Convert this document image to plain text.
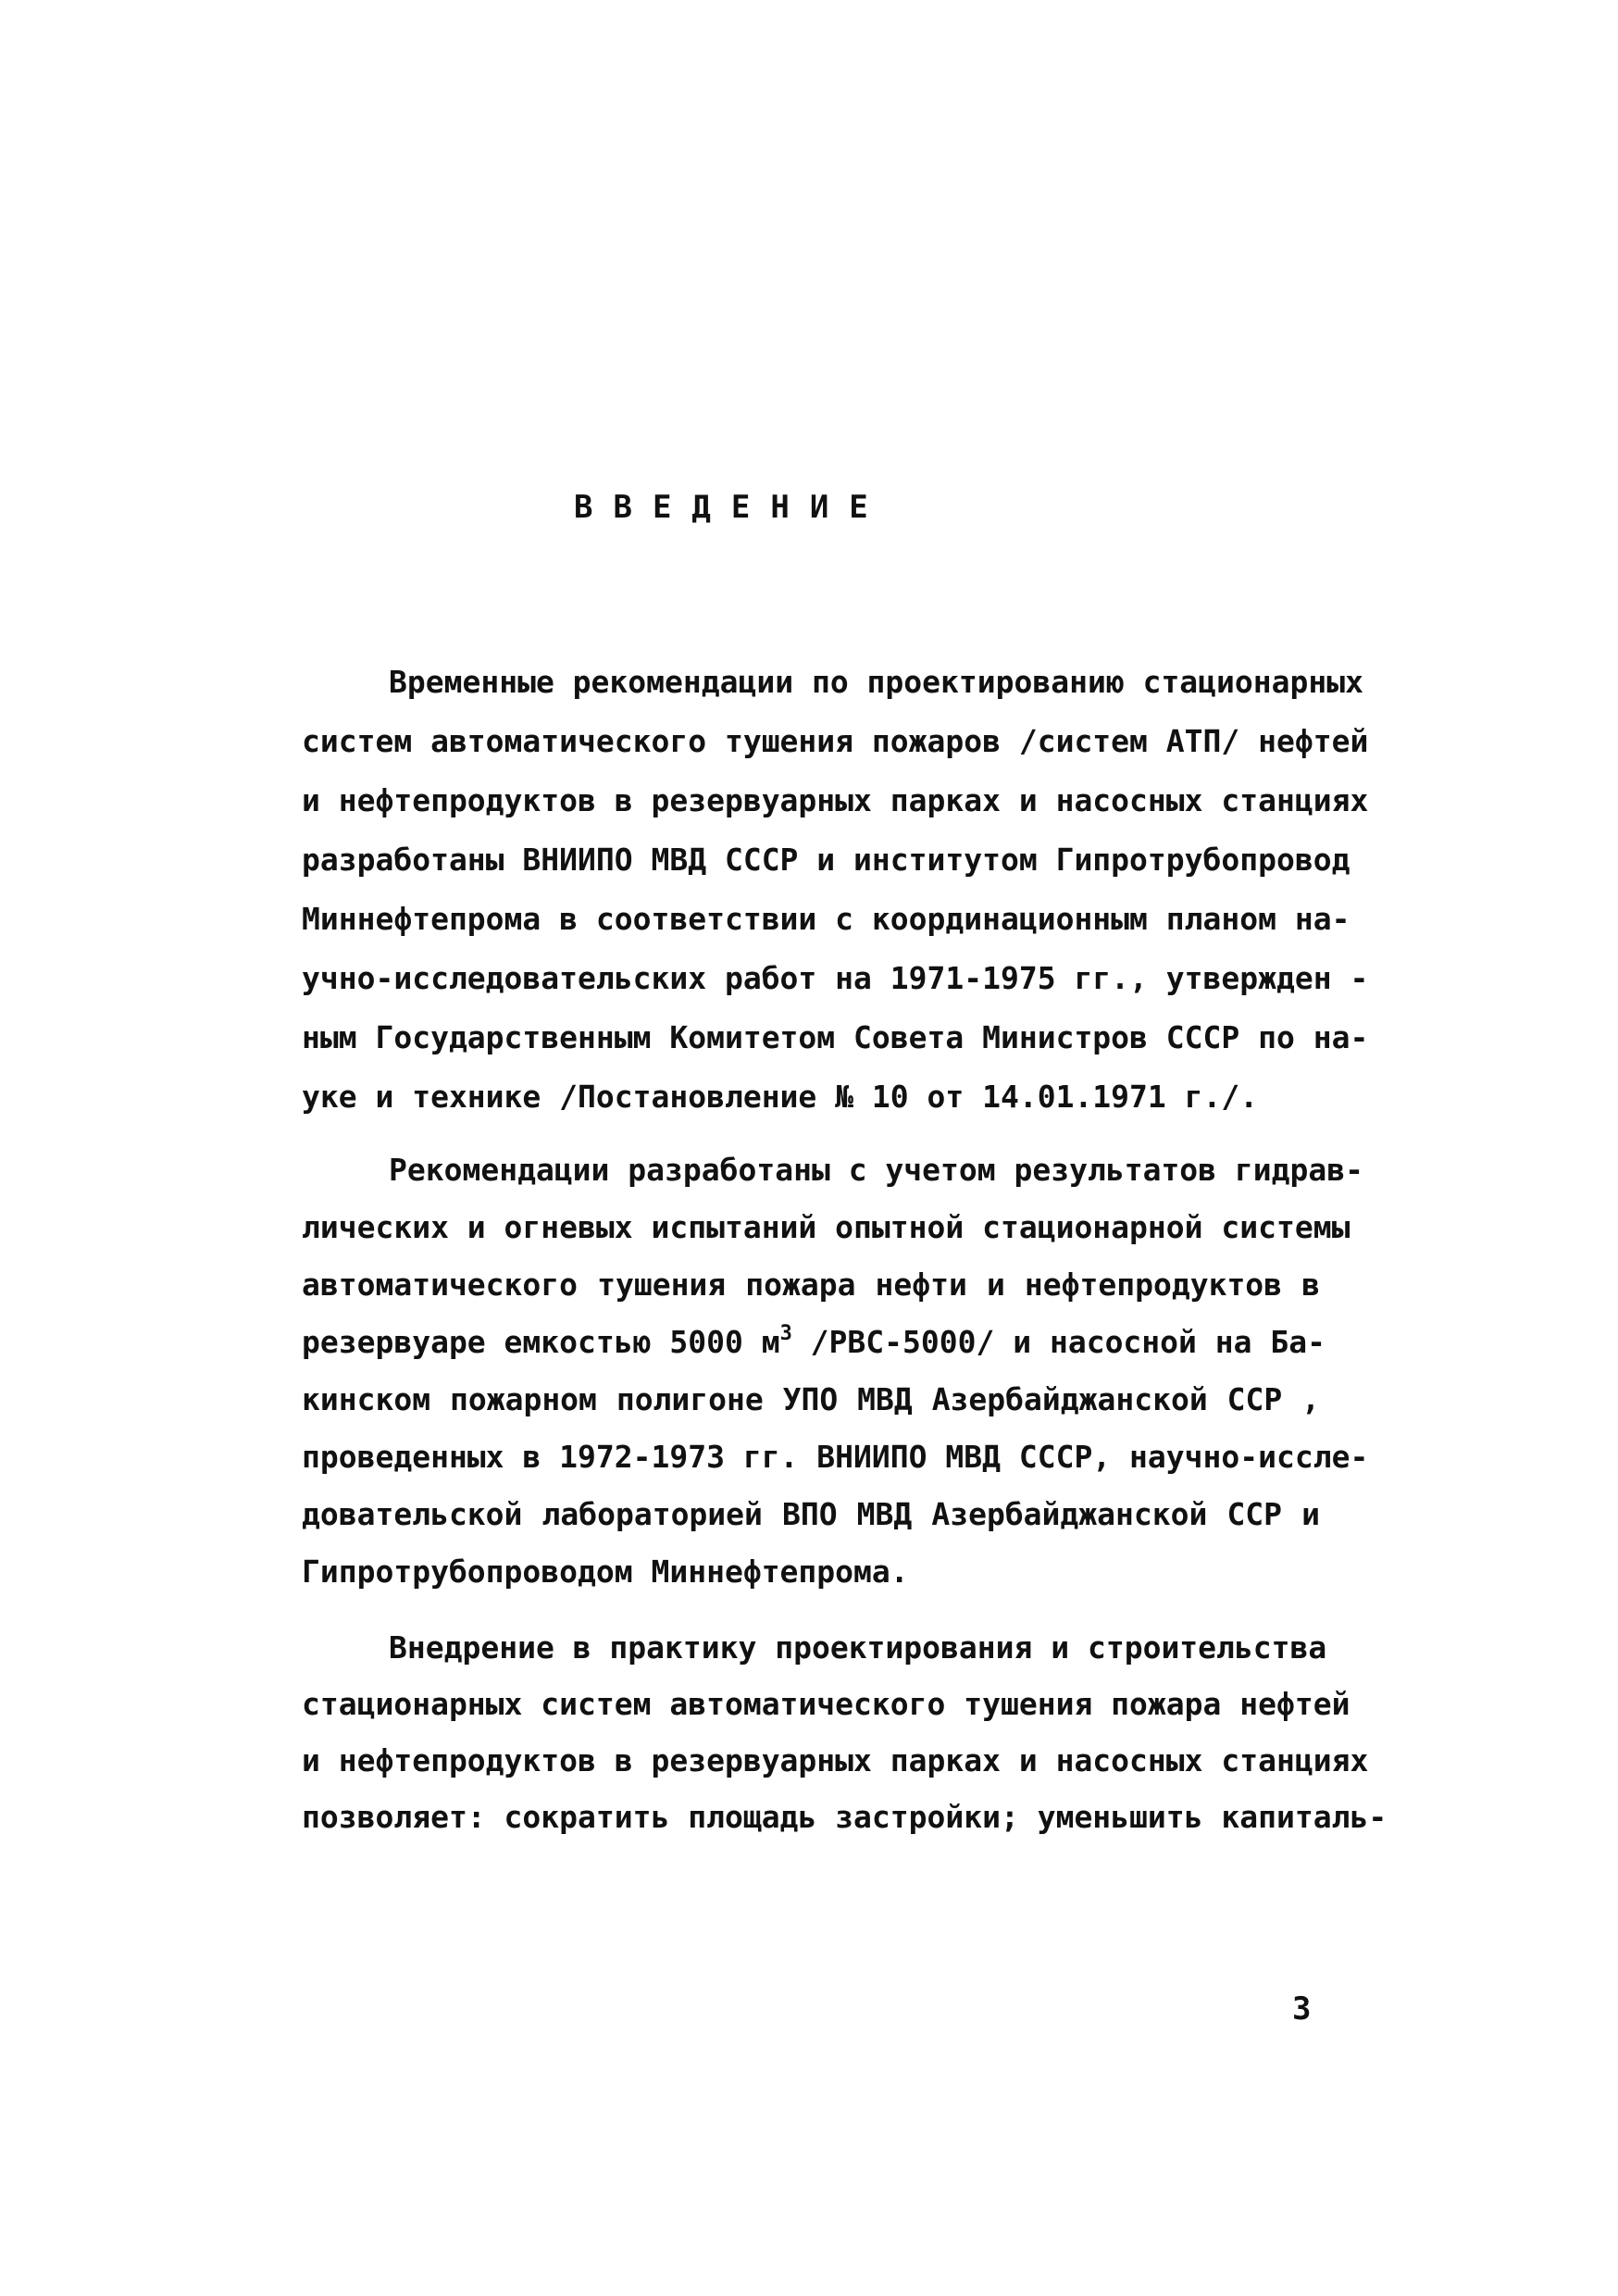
ВВЕДЕНИЕ
Временные рекомендации по проектированию стационарных
систем автоматического тушения пожаров /систем АТП/ нефтей
и нефтепродуктов в резервуарных парках и насосных станциях
разработаны ВНИИПО МВД СССР и институтом Гипротрубопровод
Миннефтепрома в соответствии с координационным планом на-
учно-исследовательских работ на 1971-1975 гг., утвержден -
ным Государственным Комитетом Совета Министров СССР по на-
уке и технике /Постановление № 10 от 14.01.1971 г./.
Рекомендации разработаны с учетом результатов гидрав-
лических и огневых испытаний опытной стационарной системы
автоматического тушения пожара нефти и нефтепродуктов в
резервуаре емкостью 5000 $м^3$ /РВС-5000/ и насосной на Ба-
кинском пожарном полигоне УПО МВД Азербайджанской ССР ,
проведенных в 1972-1973 гг. ВНИИПО МВД СССР, научно-иссле-
довательской лабораторией ВПО МВД Азербайджанской ССР и
Гипротрубопроводом Миннефтепрома.
Внедрение в практику проектирования и строительства
стационарных систем автоматического тушения пожара нефтей
и нефтепродуктов в резервуарных парках и насосных станциях
позволяет: сократить площадь застройки; уменьшить капиталь-
3
